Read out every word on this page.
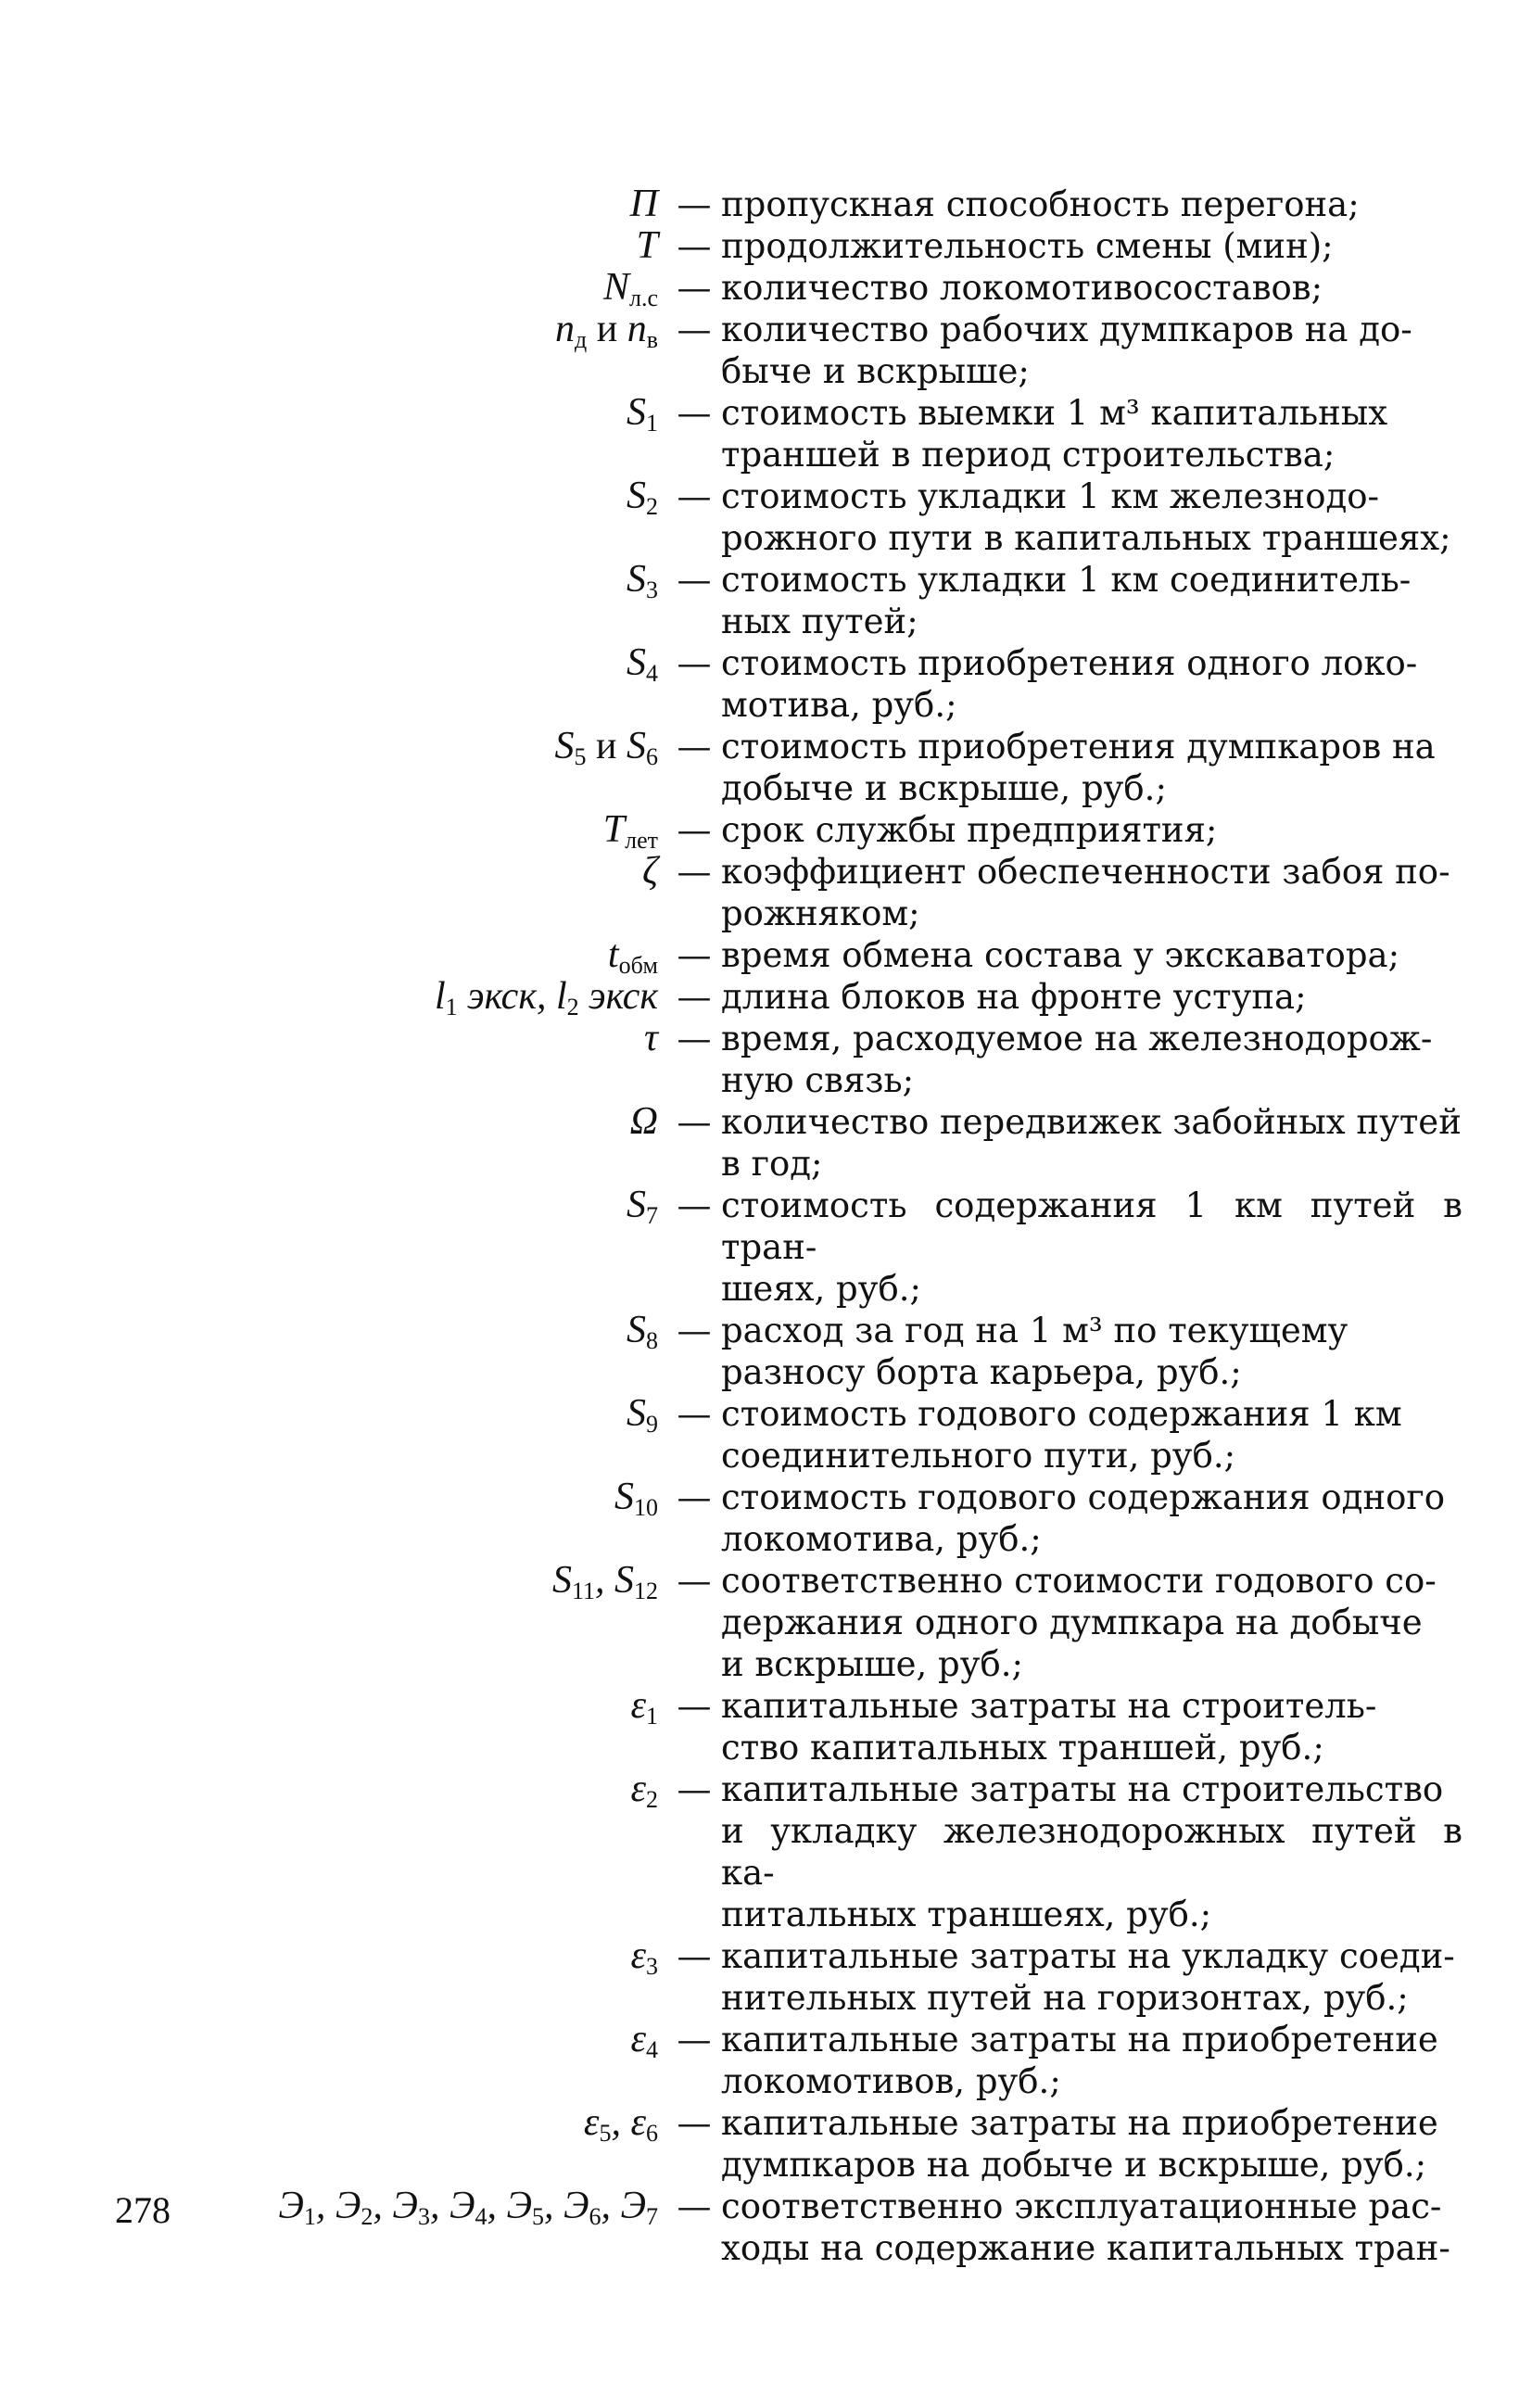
П — пропускная способность перегона;
Т — продолжительность смены (мин);
$N_{л.с}$ — количество локомотивосоставов;
$n_д$ и $n_в$ — количество рабочих думпкаров на до-
быче и вскрыше;
$S_1$ — стоимость выемки 1 м³ капитальных
траншей в период строительства;
$S_2$ — стоимость укладки 1 км железнодо-
рожного пути в капитальных траншеях;
$S_3$ — стоимость укладки 1 км соединитель-
ных путей;
$S_4$ — стоимость приобретения одного локо-
мотива, руб.;
$S_5$ и $S_6$ — стоимость приобретения думпкаров на
добыче и вскрыше, руб.;
$T_{лет}$ — срок службы предприятия;
ζ — коэффициент обеспеченности забоя по-
рожняком;
$t_{обм}$ — время обмена состава у экскаватора;
$l_1$ экск, $l_2$ экск — длина блоков на фронте уступа;
τ — время, расходуемое на железнодорож-
ную связь;
Ω — количество передвижек забойных путей
в год;
$S_7$ — стоимость содержания 1 км путей в тран-
шеях, руб.;
$S_8$ — расход за год на 1 м³ по текущему
разносу борта карьера, руб.;
$S_9$ — стоимость годового содержания 1 км
соединительного пути, руб.;
$S_{10}$ — стоимость годового содержания одного
локомотива, руб.;
$S_{11}$, $S_{12}$ — соответственно стоимости годового со-
держания одного думпкара на добыче
и вскрыше, руб.;
$\varepsilon_1$ — капитальные затраты на строитель-
ство капитальных траншей, руб.;
$\varepsilon_2$ — капитальные затраты на строительство
и укладку железнодорожных путей в ка-
питальных траншеях, руб.;
$\varepsilon_3$ — капитальные затраты на укладку соеди-
нительных путей на горизонтах, руб.;
$\varepsilon_4$ — капитальные затраты на приобретение
локомотивов, руб.;
$\varepsilon_5$, $\varepsilon_6$ — капитальные затраты на приобретение
думпкаров на добыче и вскрыше, руб.;
$Э_1$, $Э_2$, $Э_3$, $Э_4$, $Э_5$, $Э_6$, $Э_7$ — соответственно эксплуатационные рас-
ходы на содержание капитальных тран-
278
